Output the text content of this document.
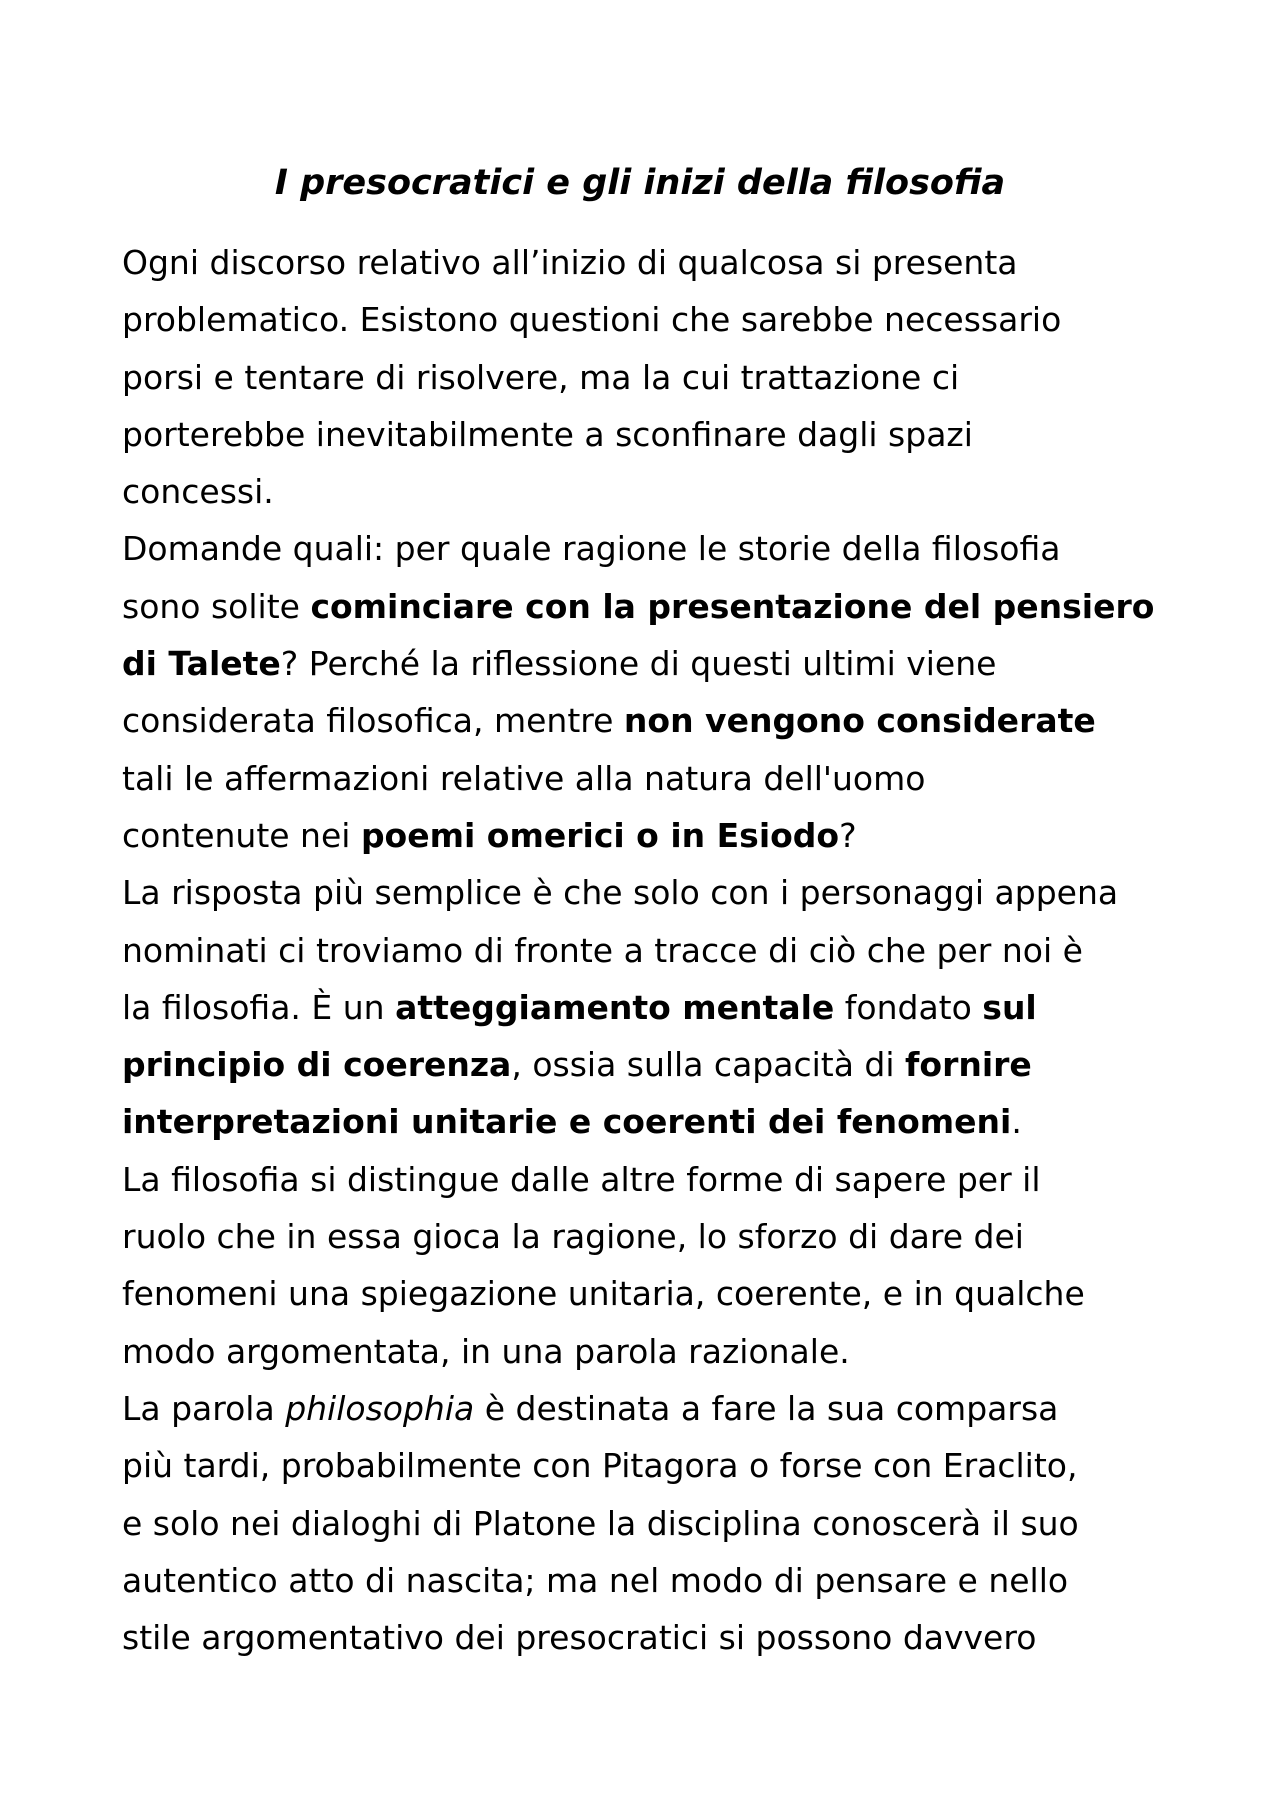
I presocratici e gli inizi della filosofia

Ogni discorso relativo all’inizio di qualcosa si presenta
problematico. Esistono questioni che sarebbe necessario
porsi e tentare di risolvere, ma la cui trattazione ci
porterebbe inevitabilmente a sconfinare dagli spazi
concessi.

Domande quali: per quale ragione le storie della filosofia
sono solite cominciare con la presentazione del pensiero
di Talete? Perché la riflessione di questi ultimi viene
considerata filosofica, mentre non vengono considerate
tali le affermazioni relative alla natura dell'uomo
contenute nei poemi omerici o in Esiodo?

La risposta più semplice è che solo con i personaggi appena
nominati ci troviamo di fronte a tracce di ciò che per noi è
la filosofia. È un atteggiamento mentale fondato sul
principio di coerenza, ossia sulla capacità di fornire
interpretazioni unitarie e coerenti dei fenomeni.

La filosofia si distingue dalle altre forme di sapere per il
ruolo che in essa gioca la ragione, lo sforzo di dare dei
fenomeni una spiegazione unitaria, coerente, e in qualche
modo argomentata, in una parola razionale.

La parola philosophia è destinata a fare la sua comparsa
più tardi, probabilmente con Pitagora o forse con Eraclito,
e solo nei dialoghi di Platone la disciplina conoscerà il suo
autentico atto di nascita; ma nel modo di pensare e nello
stile argomentativo dei presocratici si possono davvero
